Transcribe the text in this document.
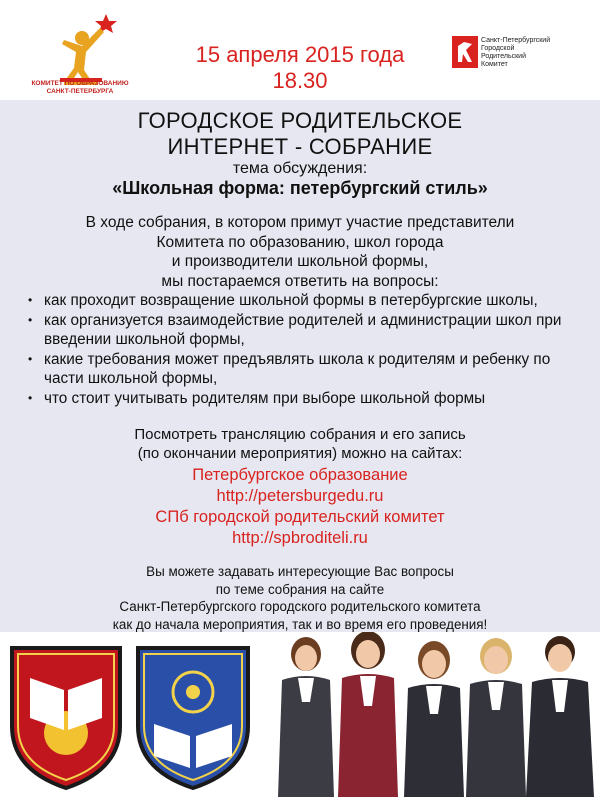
КОМИТЕТ ПО ОБРАЗОВАНИЮ
САНКТ-ПЕТЕРБУРГА
15 апреля 2015 года
18.30
Санкт-Петербургский
Городской
Родительский
Комитет
ГОРОДСКОЕ РОДИТЕЛЬСКОЕ
ИНТЕРНЕТ - СОБРАНИЕ
тема обсуждения:
«Школьная форма: петербургский стиль»
В ходе собрания, в котором примут участие представители
Комитета по образованию, школ города
и производители школьной формы,
мы постараемся ответить на вопросы:
• как проходит возвращение школьной формы в петербургские школы,
• как организуется взаимодействие родителей и администрации школ при введении школьной формы,
• какие требования может предъявлять школа к родителям и ребенку по части школьной формы,
• что стоит учитывать родителям при выборе школьной формы
Посмотреть трансляцию собрания и его запись
(по окончании мероприятия) можно на сайтах:
Петербургское образование
http://petersburgedu.ru
СПб городской родительский комитет
http://spbroditeli.ru
Вы можете задавать интересующие Вас вопросы
по теме собрания на сайте
Санкт-Петербургского городского родительского комитета
как до начала мероприятия, так и во время его проведения!
